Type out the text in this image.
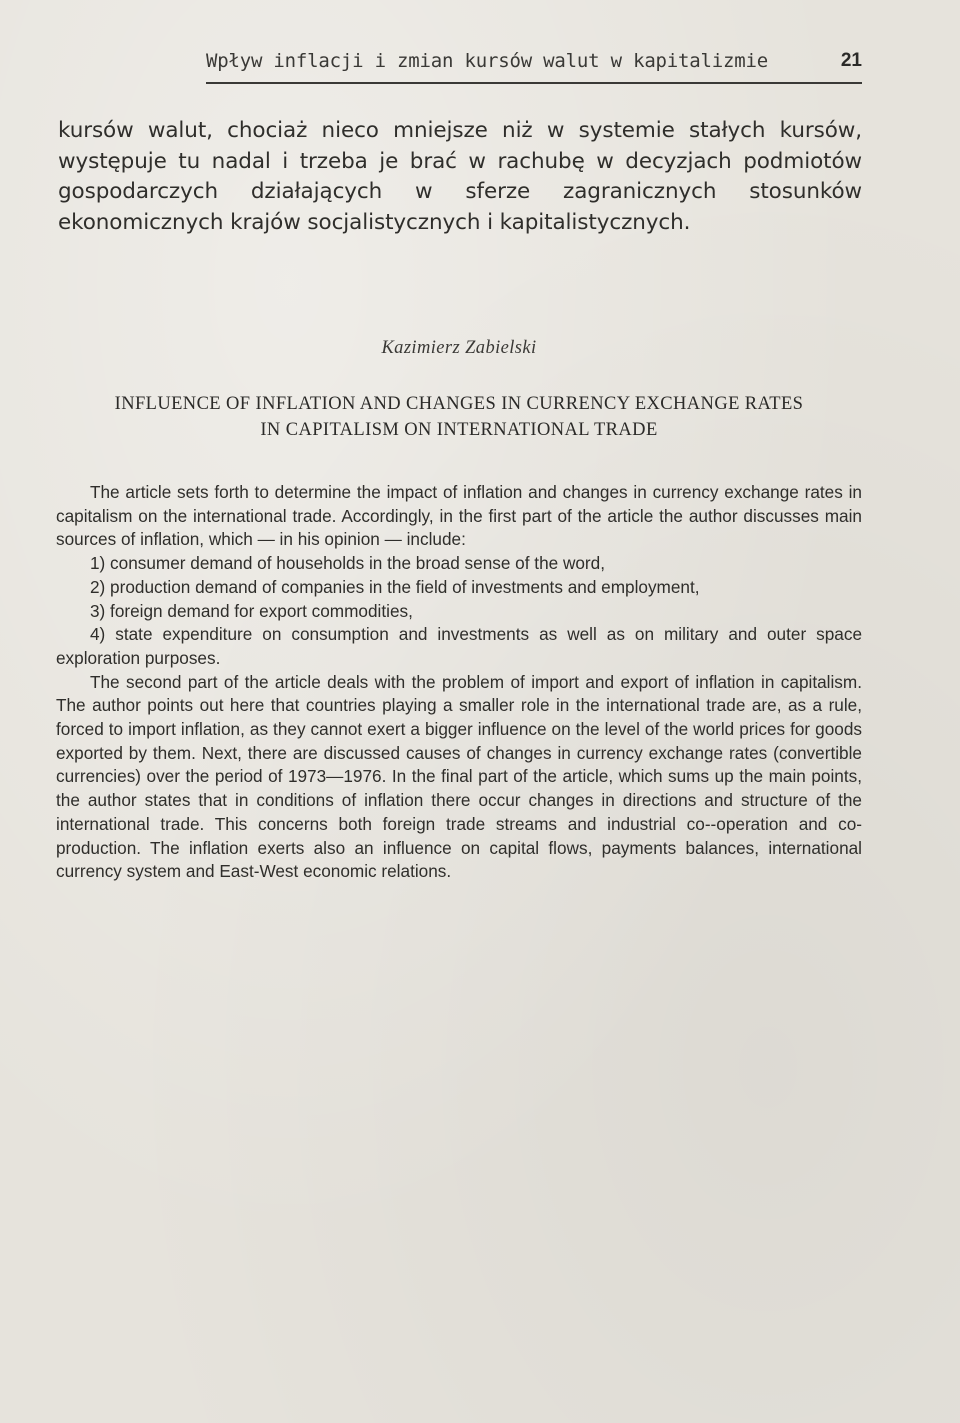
Wpływ inflacji i zmian kursów walut w kapitalizmie	21

kursów walut, chociaż nieco mniejsze niż w systemie stałych kursów, występuje tu nadal i trzeba je brać w rachubę w decyzjach podmiotów gospodarczych działających w sferze zagranicznych stosunków ekonomicznych krajów socjalistycznych i kapitalistycznych.

Kazimierz Zabielski
INFLUENCE OF INFLATION AND CHANGES IN CURRENCY EXCHANGE RATES
IN CAPITALISM ON INTERNATIONAL TRADE

The article sets forth to determine the impact of inflation and changes in currency exchange rates in capitalism on the international trade. Accordingly, in the first part of the article the author discusses main sources of inflation, which — in his opinion — include:

1) consumer demand of households in the broad sense of the word,

2) production demand of companies in the field of investments and employment,

3) foreign demand for export commodities,

4) state expenditure on consumption and investments as well as on military and outer space exploration purposes.

The second part of the article deals with the problem of import and export of inflation in capitalism. The author points out here that countries playing a smaller role in the international trade are, as a rule, forced to import inflation, as they cannot exert a bigger influence on the level of the world prices for goods exported by them. Next, there are discussed causes of changes in currency exchange rates (convertible currencies) over the period of 1973—1976. In the final part of the article, which sums up the main points, the author states that in conditions of inflation there occur changes in directions and structure of the international trade. This concerns both foreign trade streams and industrial co--operation and co-production. The inflation exerts also an influence on capital flows, payments balances, international currency system and East-West economic relations.
